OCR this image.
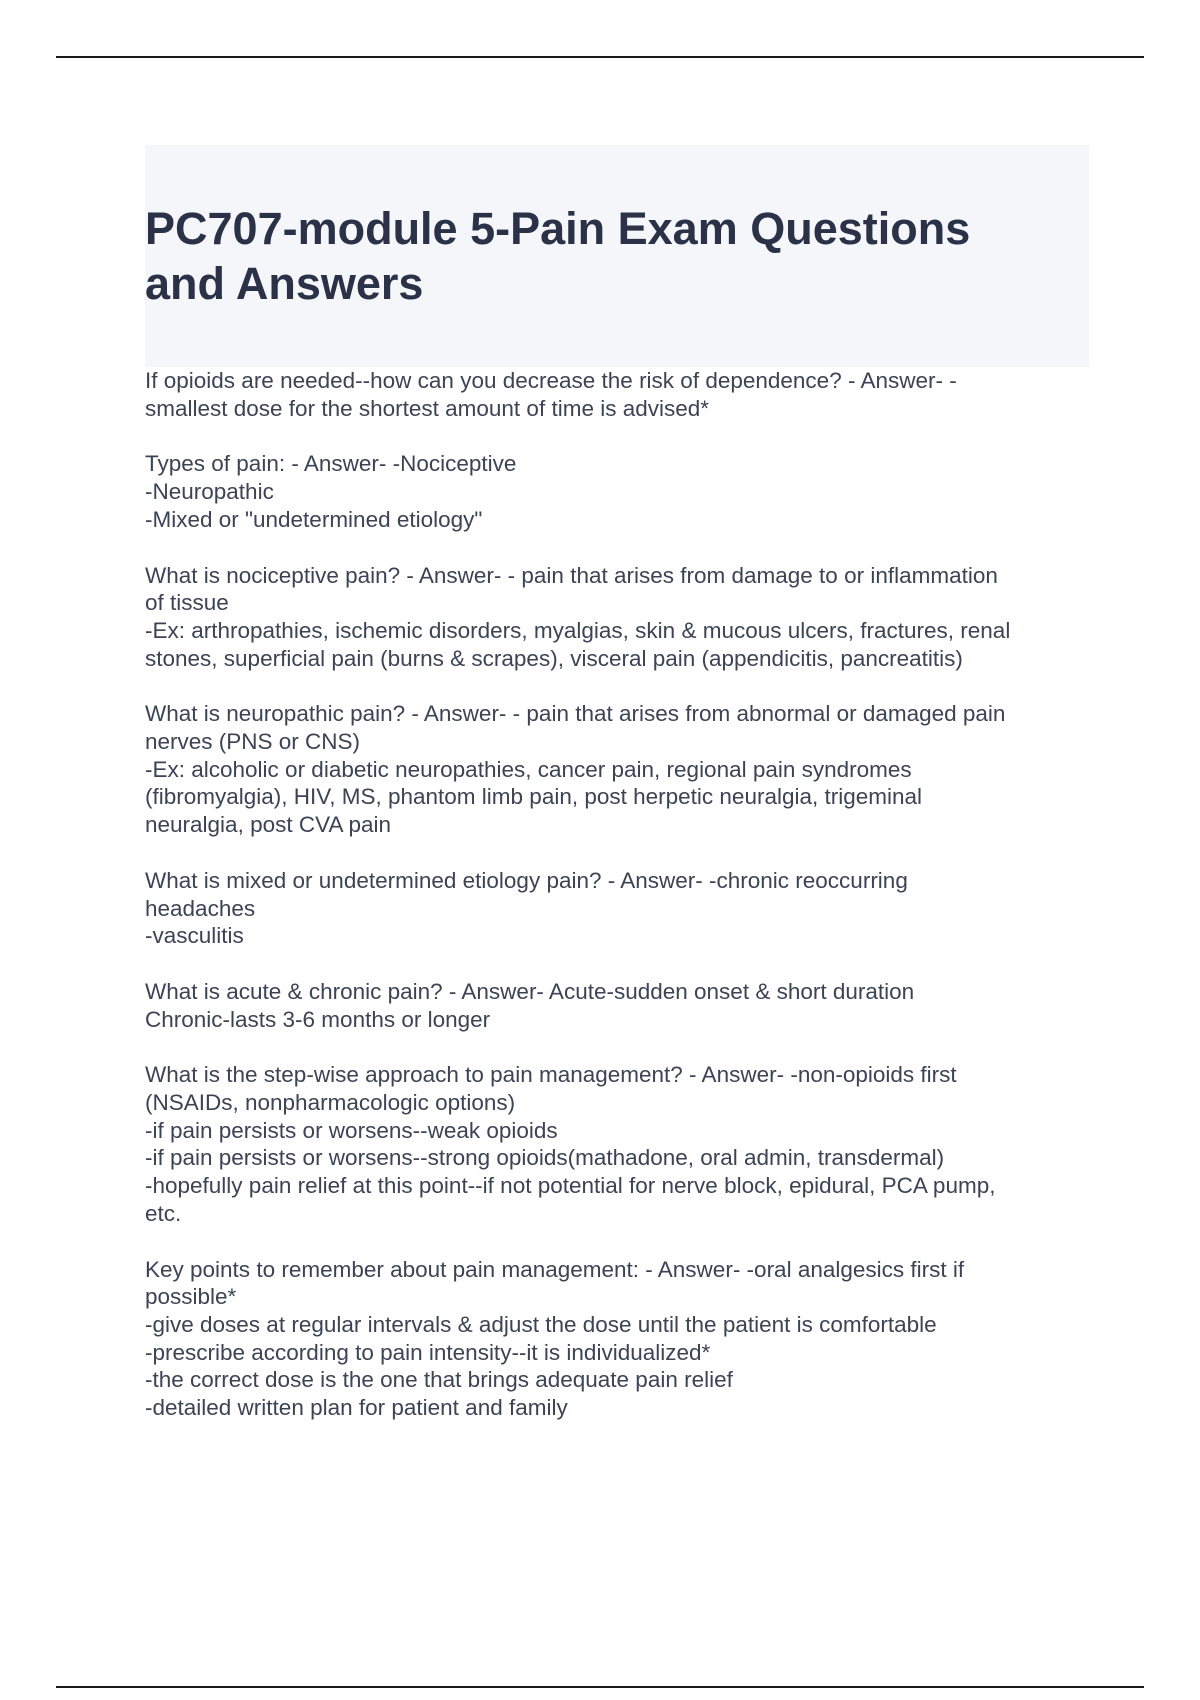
PC707-module 5-Pain Exam Questions
and Answers

If opioids are needed--how can you decrease the risk of dependence? - Answer- -
smallest dose for the shortest amount of time is advised*

Types of pain: - Answer- -Nociceptive
-Neuropathic
-Mixed or "undetermined etiology"

What is nociceptive pain? - Answer- - pain that arises from damage to or inflammation
of tissue
-Ex: arthropathies, ischemic disorders, myalgias, skin & mucous ulcers, fractures, renal
stones, superficial pain (burns & scrapes), visceral pain (appendicitis, pancreatitis)

What is neuropathic pain? - Answer- - pain that arises from abnormal or damaged pain
nerves (PNS or CNS)
-Ex: alcoholic or diabetic neuropathies, cancer pain, regional pain syndromes
(fibromyalgia), HIV, MS, phantom limb pain, post herpetic neuralgia, trigeminal
neuralgia, post CVA pain

What is mixed or undetermined etiology pain? - Answer- -chronic reoccurring
headaches
-vasculitis

What is acute & chronic pain? - Answer- Acute-sudden onset & short duration
Chronic-lasts 3-6 months or longer

What is the step-wise approach to pain management? - Answer- -non-opioids first
(NSAIDs, nonpharmacologic options)
-if pain persists or worsens--weak opioids
-if pain persists or worsens--strong opioids(mathadone, oral admin, transdermal)
-hopefully pain relief at this point--if not potential for nerve block, epidural, PCA pump,
etc.

Key points to remember about pain management: - Answer- -oral analgesics first if
possible*
-give doses at regular intervals & adjust the dose until the patient is comfortable
-prescribe according to pain intensity--it is individualized*
-the correct dose is the one that brings adequate pain relief
-detailed written plan for patient and family
